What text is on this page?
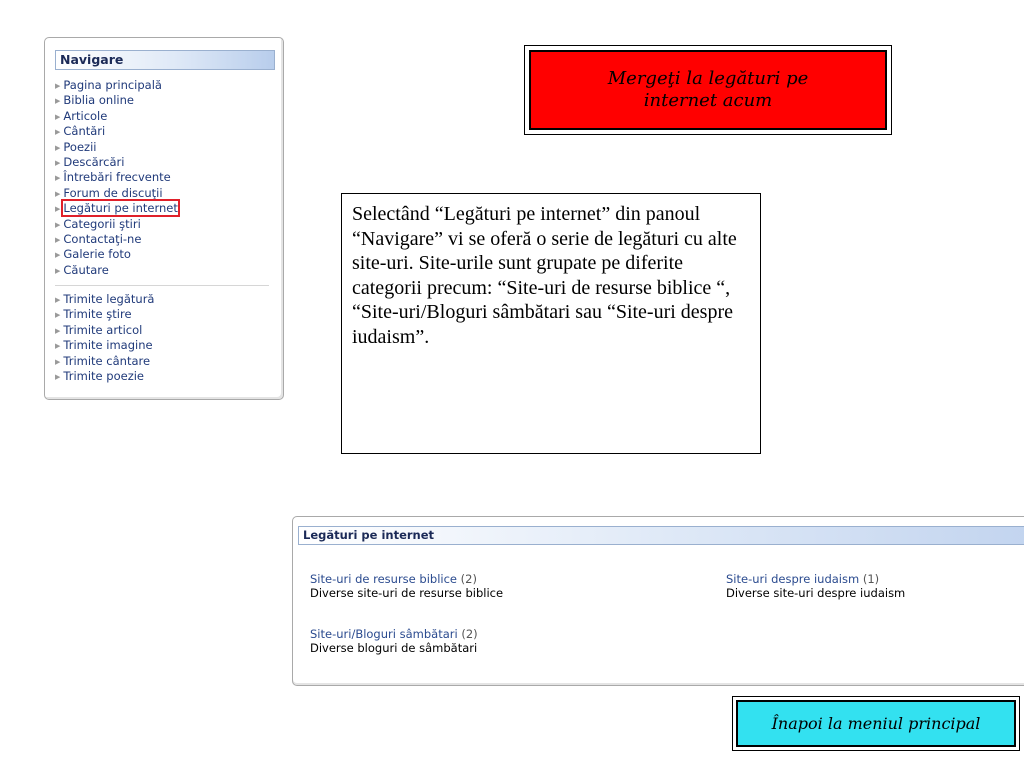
Navigare
▶ Pagina principală
▶ Biblia online
▶ Articole
▶ Cântări
▶ Poezii
▶ Descărcări
▶ Întrebări frecvente
▶ Forum de discuţii
▶ Legături pe internet
▶ Categorii ştiri
▶ Contactaţi-ne
▶ Galerie foto
▶ Căutare
▶ Trimite legătură
▶ Trimite ştire
▶ Trimite articol
▶ Trimite imagine
▶ Trimite cântare
▶ Trimite poezie
Mergeţi la legături pe internet acum
Selectând “Legături pe internet” din panoul “Navigare” vi se oferă o serie de legături cu alte site-uri. Site-urile sunt grupate pe diferite categorii precum: “Site-uri de resurse biblice “, “Site-uri/Bloguri sâmbătari sau “Site-uri despre iudaism”.
Legături pe internet
Site-uri de resurse biblice (2)
Diverse site-uri de resurse biblice
Site-uri despre iudaism (1)
Diverse site-uri despre iudaism
Site-uri/Bloguri sâmbătari (2)
Diverse bloguri de sâmbătari
Înapoi la meniul principal
